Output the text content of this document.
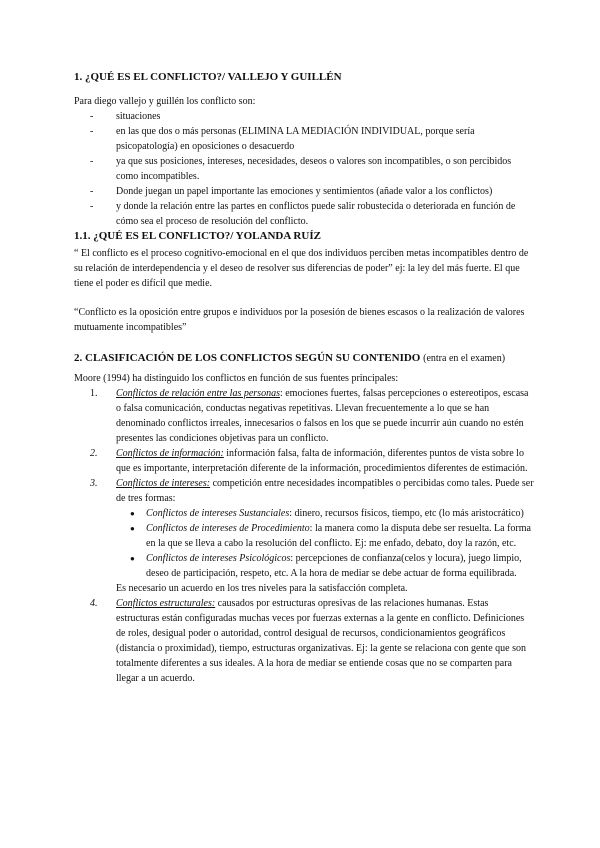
1. ¿QUÉ ES EL CONFLICTO?/ VALLEJO Y GUILLÉN

Para diego vallejo y guillén los conflicto son:

-	situaciones
-	en las que dos o más personas (ELIMINA LA MEDIACIÓN INDIVIDUAL, porque sería psicopatología) en oposiciones o desacuerdo
-	ya que sus posiciones, intereses, necesidades, deseos o valores son incompatibles, o son percibidos como incompatibles.
-	Donde juegan un papel importante las emociones y sentimientos (añade valor a los conflictos)
-	y donde la relación entre las partes en conflictos puede salir robustecida o deteriorada en función de cómo sea el proceso de resolución del conflicto.
1.1. ¿QUÉ ES EL CONFLICTO?/ YOLANDA RUÍZ

“ El conflicto es el proceso cognitivo-emocional en el que dos individuos perciben metas incompatibles dentro de su relación de interdependencia y el deseo de resolver sus diferencias de poder” ej: la ley del más fuerte. El que tiene el poder es difícil que medie.

“Conflicto es la oposición entre grupos e individuos por la posesión de bienes escasos o la realización de valores mutuamente incompatibles”

2. CLASIFICACIÓN DE LOS CONFLICTOS SEGÚN SU CONTENIDO (entra en el examen)

Moore (1994) ha distinguido los conflictos en función de sus fuentes principales:

1.	Conflictos de relación entre las personas: emociones fuertes, falsas percepciones o estereotipos, escasa o falsa comunicación, conductas negativas repetitivas. Llevan frecuentemente a lo que se han denominado conflictos irreales, innecesarios o falsos en los que se puede incurrir aún cuando no estén presentes las condiciones objetivas para un conflicto.
2.	Conflictos de información: información falsa, falta de información, diferentes puntos de vista sobre lo que es importante, interpretación diferente de la información, procedimientos diferentes de estimación.
3.	Conflictos de intereses: competición entre necesidades incompatibles o percibidas como tales. Puede ser de tres formas:
●	Conflictos de intereses Sustanciales: dinero, recursos físicos, tiempo, etc (lo más aristocrático)
●	Conflictos de intereses de Procedimiento: la manera como la disputa debe ser resuelta. La forma en la que se lleva a cabo la resolución del conflicto. Ej: me enfado, debato, doy la razón, etc.
●	Conflictos de intereses Psicológicos: percepciones de confianza(celos y locura), juego limpio, deseo de participación, respeto, etc. A la hora de mediar se debe actuar de forma equilibrada.

Es necesario un acuerdo en los tres niveles para la satisfacción completa.

4.	Conflictos estructurales: causados por estructuras opresivas de las relaciones humanas. Estas estructuras están configuradas muchas veces por fuerzas externas a la gente en conflicto. Definiciones de roles, desigual poder o autoridad, control desigual de recursos, condicionamientos geográficos (distancia o proximidad), tiempo, estructuras organizativas. Ej: la gente se relaciona con gente que son totalmente diferentes a sus ideales. A la hora de mediar se entiende cosas que no se comparten para llegar a un acuerdo.
